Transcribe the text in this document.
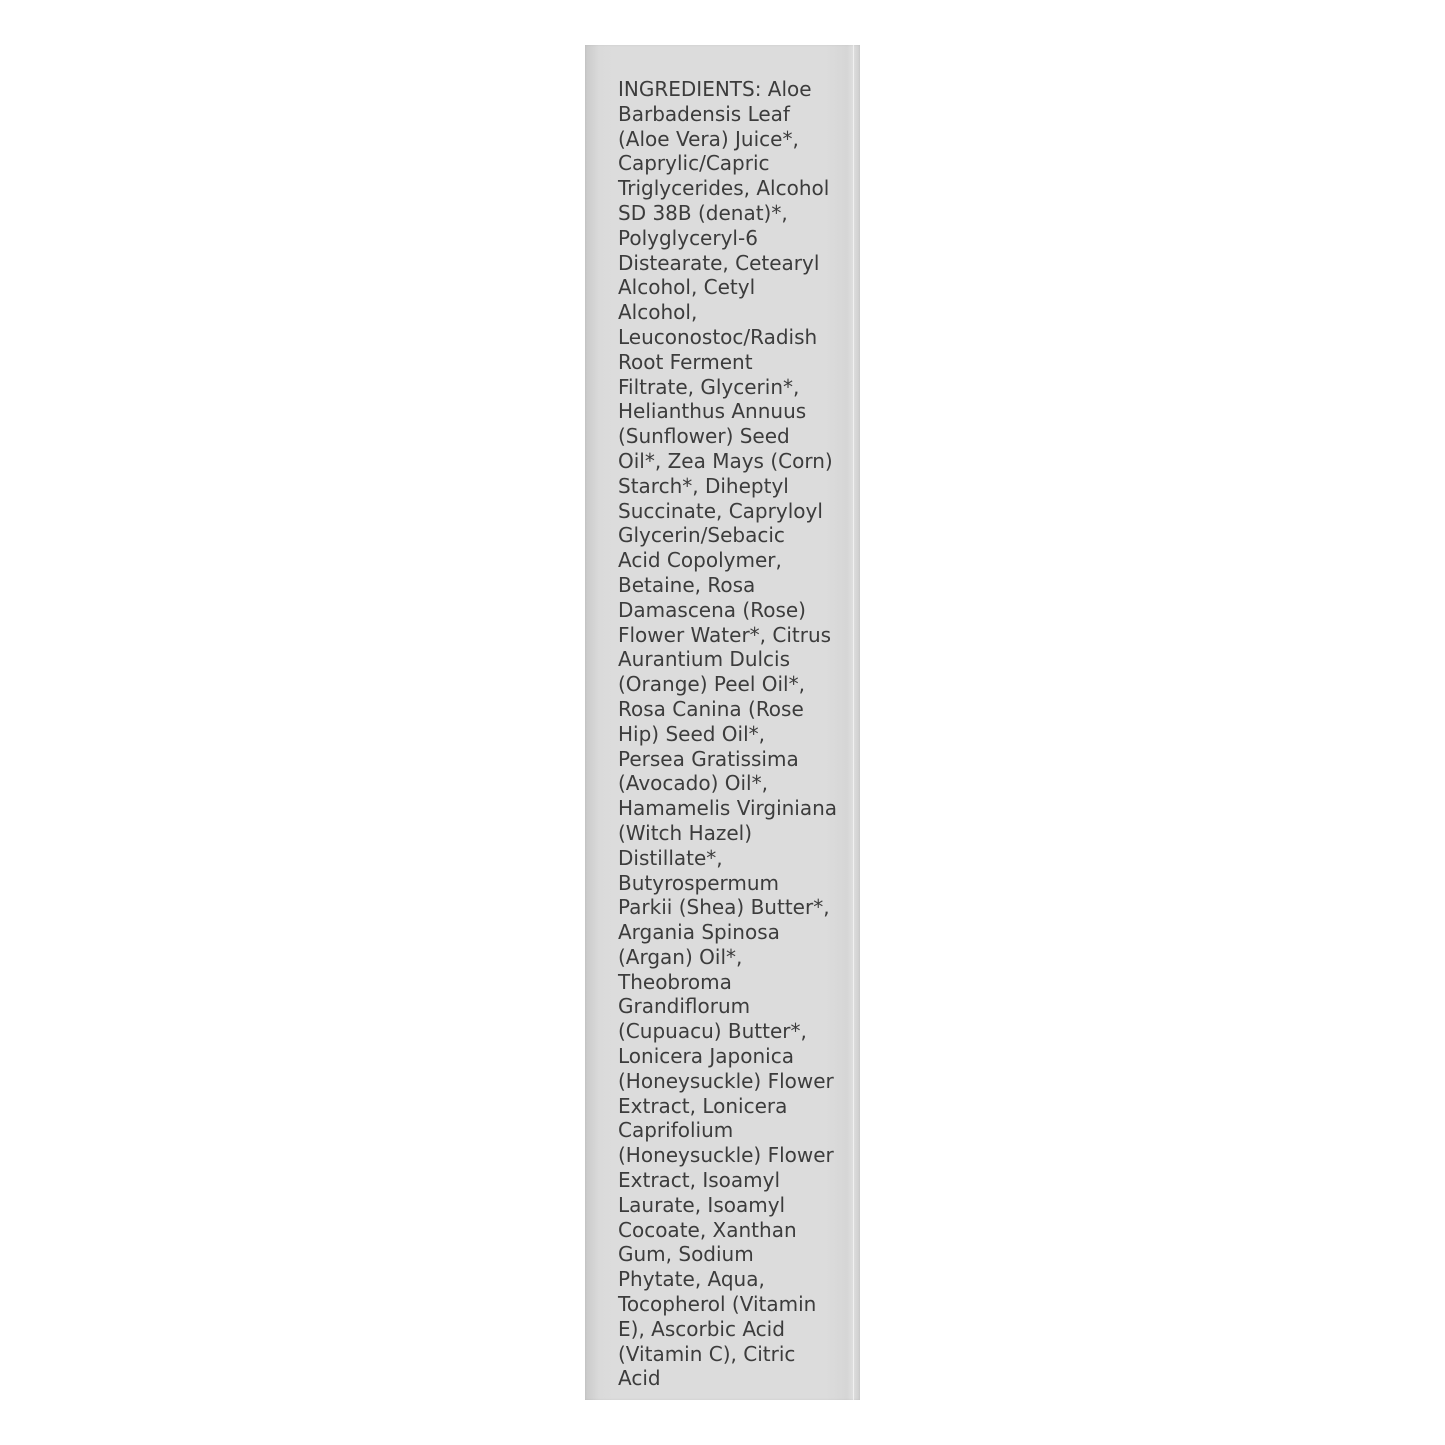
INGREDIENTS: Aloe
Barbadensis Leaf
(Aloe Vera) Juice*,
Caprylic/Capric
Triglycerides, Alcohol
SD 38B (denat)*,
Polyglyceryl-6
Distearate, Cetearyl
Alcohol, Cetyl
Alcohol,
Leuconostoc/Radish
Root Ferment
Filtrate, Glycerin*,
Helianthus Annuus
(Sunflower) Seed
Oil*, Zea Mays (Corn)
Starch*, Diheptyl
Succinate, Capryloyl
Glycerin/Sebacic
Acid Copolymer,
Betaine, Rosa
Damascena (Rose)
Flower Water*, Citrus
Aurantium Dulcis
(Orange) Peel Oil*,
Rosa Canina (Rose
Hip) Seed Oil*,
Persea Gratissima
(Avocado) Oil*,
Hamamelis Virginiana
(Witch Hazel)
Distillate*,
Butyrospermum
Parkii (Shea) Butter*,
Argania Spinosa
(Argan) Oil*,
Theobroma
Grandiflorum
(Cupuacu) Butter*,
Lonicera Japonica
(Honeysuckle) Flower
Extract, Lonicera
Caprifolium
(Honeysuckle) Flower
Extract, Isoamyl
Laurate, Isoamyl
Cocoate, Xanthan
Gum, Sodium
Phytate, Aqua,
Tocopherol (Vitamin
E), Ascorbic Acid
(Vitamin C), Citric
Acid
